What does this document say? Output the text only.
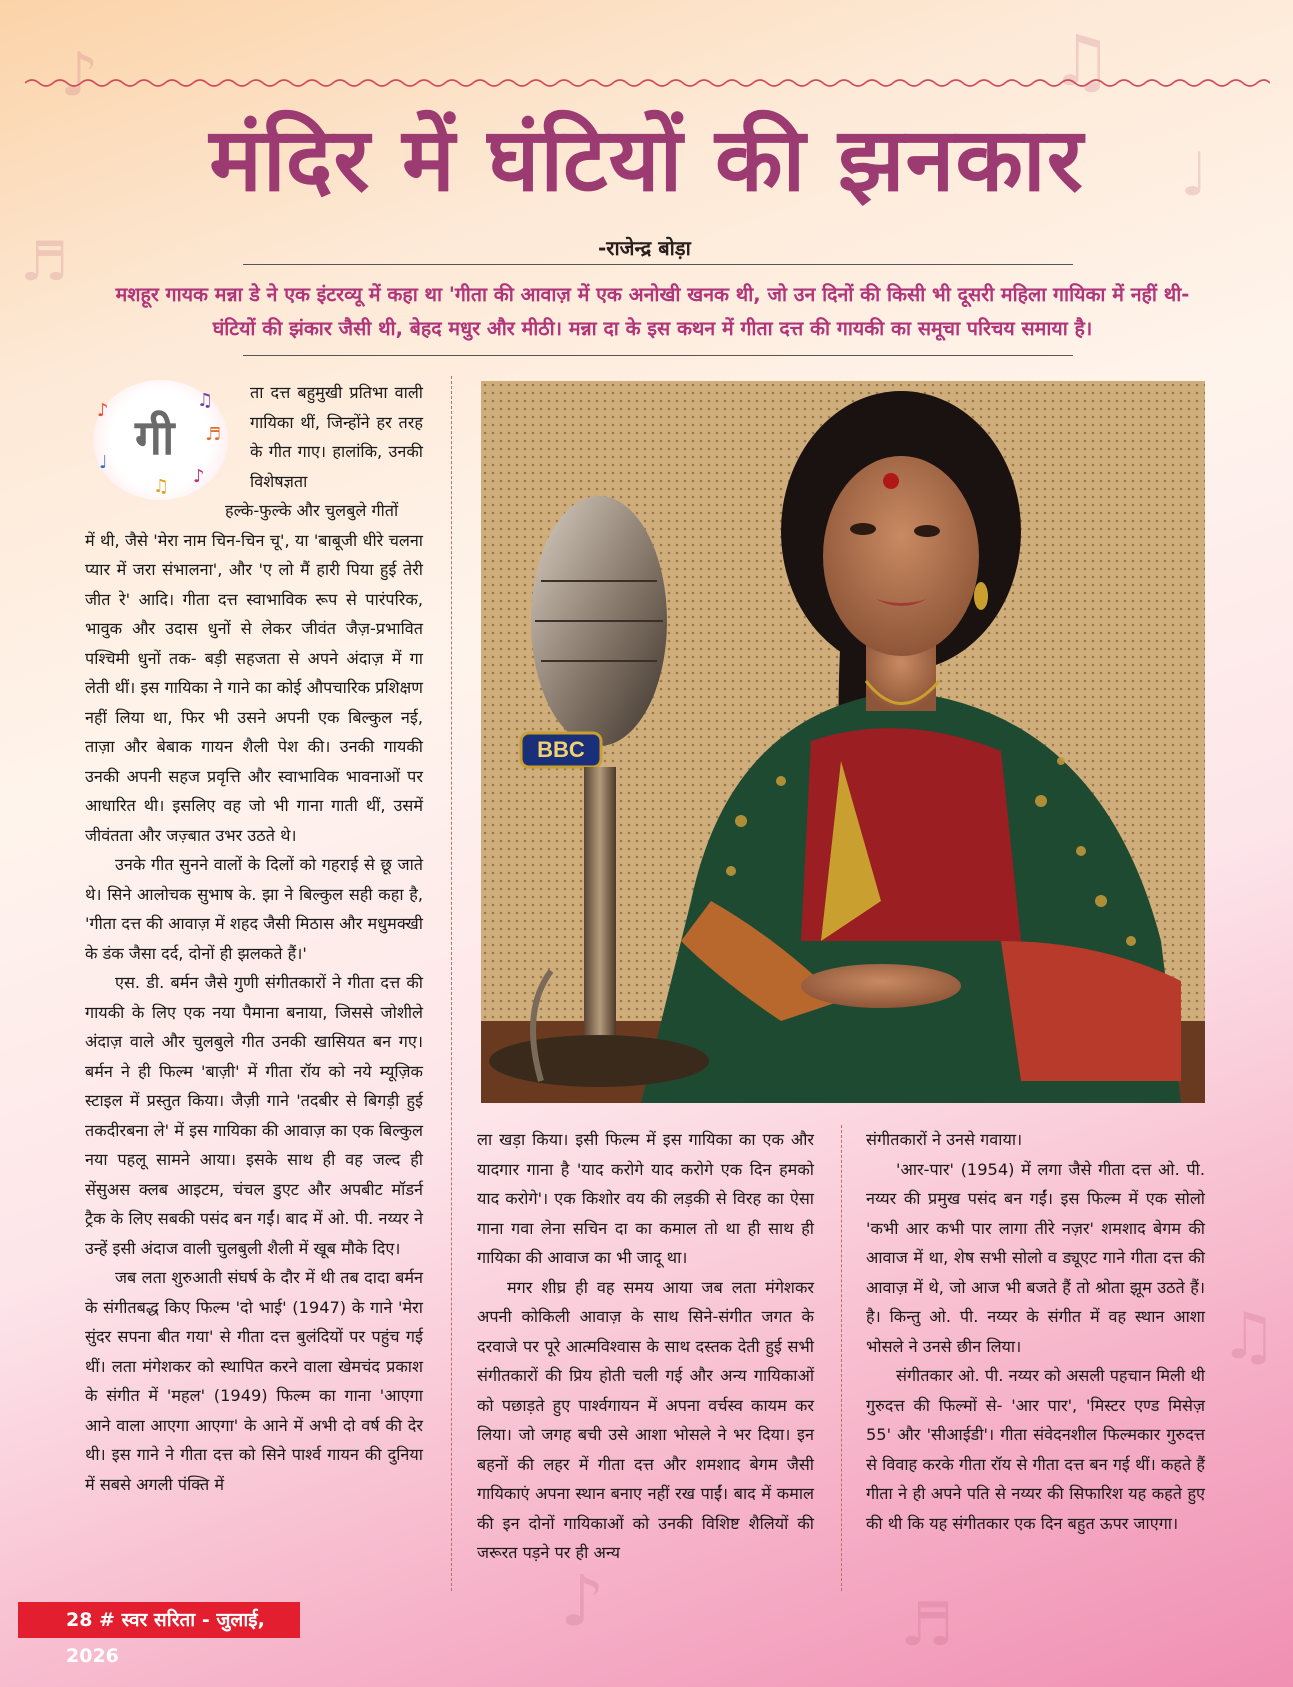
♪	♫
♩
♬
♫
♪	♬
मंदिर में घंटियों की झनकार
-राजेन्द्र बोड़ा
मशहूर गायक मन्ना डे ने एक इंटरव्यू में कहा था 'गीता की आवाज़ में एक अनोखी खनक थी, जो उन दिनों की किसी भी दूसरी महिला गायिका में नहीं थी- घंटियों की झंकार जैसी थी, बेहद मधुर और मीठी। मन्ना दा के इस कथन में गीता दत्त की गायकी का समूचा परिचय समाया है।
♪	♫
♬
♩
♪
♫
गी

ता दत्त बहुमुखी प्रतिभा वाली गायिका थीं, जिन्होंने हर तरह के गीत गाए। हालांकि, उनकी विशेषज्ञता

हल्के-फुल्के और चुलबुले गीतों

में थी, जैसे 'मेरा नाम चिन-चिन चू', या 'बाबूजी धीरे चलना प्यार में जरा संभालना', और 'ए लो मैं हारी पिया हुई तेरी जीत रे' आदि। गीता दत्त स्वाभाविक रूप से पारंपरिक, भावुक और उदास धुनों से लेकर जीवंत जैज़-प्रभावित पश्चिमी धुनों तक- बड़ी सहजता से अपने अंदाज़ में गा लेती थीं। इस गायिका ने गाने का कोई औपचारिक प्रशिक्षण नहीं लिया था, फिर भी उसने अपनी एक बिल्कुल नई, ताज़ा और बेबाक गायन शैली पेश की। उनकी गायकी उनकी अपनी सहज प्रवृत्ति और स्वाभाविक भावनाओं पर आधारित थी। इसलिए वह जो भी गाना गाती थीं, उसमें जीवंतता और जज़्बात उभर उठते थे।

उनके गीत सुनने वालों के दिलों को गहराई से छू जाते थे। सिने आलोचक सुभाष के. झा ने बिल्कुल सही कहा है, 'गीता दत्त की आवाज़ में शहद जैसी मिठास और मधुमक्खी के डंक जैसा दर्द, दोनों ही झलकते हैं।'

एस. डी. बर्मन जैसे गुणी संगीतकारों ने गीता दत्त की गायकी के लिए एक नया पैमाना बनाया, जिससे जोशीले अंदाज़ वाले और चुलबुले गीत उनकी खासियत बन गए। बर्मन ने ही फिल्म 'बाज़ी' में गीता रॉय को नये म्यूज़िक स्टाइल में प्रस्तुत किया। जैज़ी गाने 'तदबीर से बिगड़ी हुई तकदीरबना ले' में इस गायिका की आवाज़ का एक बिल्कुल नया पहलू सामने आया। इसके साथ ही वह जल्द ही सेंसुअस क्लब आइटम, चंचल डुएट और अपबीट मॉडर्न ट्रैक के लिए सबकी पसंद बन गईं। बाद में ओ. पी. नय्यर ने उन्हें इसी अंदाज वाली चुलबुली शैली में खूब मौके दिए।

जब लता शुरुआती संघर्ष के दौर में थी तब दादा बर्मन के संगीतबद्ध किए फिल्म 'दो भाई' (1947) के गाने 'मेरा सुंदर सपना बीत गया' से गीता दत्त बुलंदियों पर पहुंच गई थीं। लता मंगेशकर को स्थापित करने वाला खेमचंद प्रकाश के संगीत में 'महल' (1949) फिल्म का गाना 'आएगा आने वाला आएगा आएगा' के आने में अभी दो वर्ष की देर थी। इस गाने ने गीता दत्त को सिने पार्श्व गायन की दुनिया में सबसे अगली पंक्ति में

BBC

ला खड़ा किया। इसी फिल्म में इस गायिका का एक और यादगार गाना है 'याद करोगे याद करोगे एक दिन हमको याद करोगे'। एक किशोर वय की लड़की से विरह का ऐसा गाना गवा लेना सचिन दा का कमाल तो था ही साथ ही गायिका की आवाज का भी जादू था।

मगर शीघ्र ही वह समय आया जब लता मंगेशकर अपनी कोकिली आवाज़ के साथ सिने-संगीत जगत के दरवाजे पर पूरे आत्मविश्वास के साथ दस्तक देती हुई सभी संगीतकारों की प्रिय होती चली गई और अन्य गायिकाओं को पछाड़ते हुए पार्श्वगायन में अपना वर्चस्व कायम कर लिया। जो जगह बची उसे आशा भोसले ने भर दिया। इन बहनों की लहर में गीता दत्त और शमशाद बेगम जैसी गायिकाएं अपना स्थान बनाए नहीं रख पाईं। बाद में कमाल की इन दोनों गायिकाओं को उनकी विशिष्ट शैलियों की जरूरत पड़ने पर ही अन्य

संगीतकारों ने उनसे गवाया।

'आर-पार' (1954) में लगा जैसे गीता दत्त ओ. पी. नय्यर की प्रमुख पसंद बन गईं। इस फिल्म में एक सोलो 'कभी आर कभी पार लागा तीरे नज़र' शमशाद बेगम की आवाज में था, शेष सभी सोलो व ड्यूएट गाने गीता दत्त की आवाज़ में थे, जो आज भी बजते हैं तो श्रोता झूम उठते हैं। है। किन्तु ओ. पी. नय्यर के संगीत में वह स्थान आशा भोसले ने उनसे छीन लिया।

संगीतकार ओ. पी. नय्यर को असली पहचान मिली थी गुरुदत्त की फिल्मों से- 'आर पार', 'मिस्टर एण्ड मिसेज़ 55' और 'सीआईडी'। गीता संवेदनशील फिल्मकार गुरुदत्त से विवाह करके गीता रॉय से गीता दत्त बन गई थीं। कहते हैं गीता ने ही अपने पति से नय्यर की सिफारिश यह कहते हुए की थी कि यह संगीतकार एक दिन बहुत ऊपर जाएगा।

28 # स्वर सरिता - जुलाई, 2026
